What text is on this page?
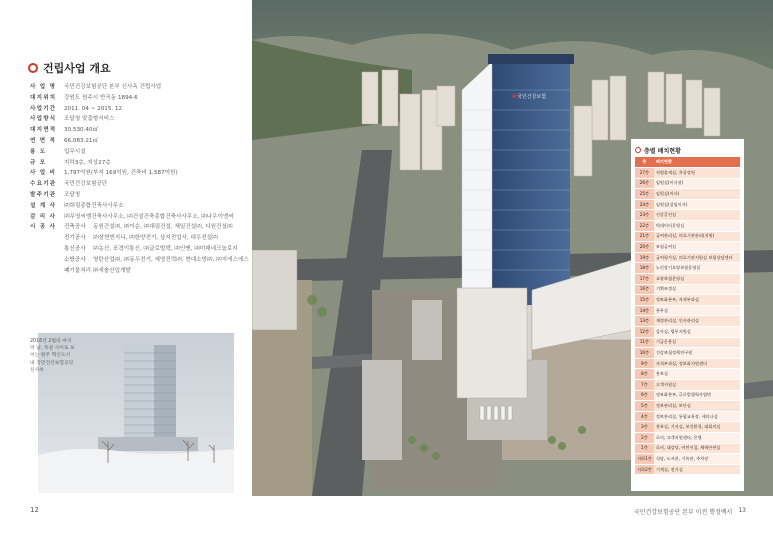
건립사업 개요
사 업 명	국민건강보험공단 본부 신사옥 건립사업
대지위치	강원도 원주시 반곡동 1894-6
사업기간	2011. 04 ~ 2015. 12
사업방식	조달청 맞춤형서비스
대지면적	30,530.40㎡
연 면 적	66,083.21㎡
용 도	업무시설
규 모	지하3층, 지상27층
사 업 비	1,797억원(부지 169억원, 건축비 1,587억원)
수요기관	국민건강보험공단
발주기관	조달청
설 계 사	㈜희림종합건축사사무소
감 리 사	㈜무영씨엠건축사사무소, ㈜건설건축종합건축사사무소, ㈜나우이엔씨
시 공 사	건축공사	동원건설㈜, ㈜이순, ㈜대림건설, 체일건설㈜, 디원건설㈜
전기공사	㈜삼현엔지니, ㈜한양전기, 상지전업사, 대우전설㈜
통신공사	㈜농산, 포경이통신, ㈜글로벌텍, ㈜인맨, ㈜미래네크놀로지
소방공사	영탄산업㈜, ㈜동우전기, 세영전력㈜, 현대소방㈜, ㈜지에스에스
폐기물처리 ㈜새솔산업개발
2016년 2월의 마지막 날, 폭설 사이로 보이는 원주 혁신도시 내 국민건강보험공단 신사옥
12
국민건강보험
층별 배치현황
층	배치현황
27층	직원휴게실, 옥상정원
26층	임원실(이사장)
25층	임원실(이사)
24층	임원실(상임이사)
23층	건강증진실
22층	빅데이터운영실
21층	급여관리실, 의료기관관리(지원)
20층	보험급여실
19층	급여평가실, 의료기관지원실 보험상담센터
18층	노인장기요양보험운영실
17층	요양보험운영실
16층	기획조정실
15층	정보화본부, 자격부과실
14층	총무실
13층	재정관리실, 인사관리실
12층	감사실, 법무지원실
11층	기금운용실
10층	건강보험정책연구원
9층	자격부과실, 정보화지원센터
8층	홍보실
7층	고객지원실
6층	정보화본부, 글로벌협력사업단
5층	정보관리실, 보안실
4층	정보관리실, 통합교육장, 세미나실
3층	홍보실, 기자실, 보건환경, 대회의실
2층	로비, 고객지원센터, 은행
1층	로비, 대강당, 어린이집, 체력단련실
지하1층	식당, 도서관, 기록관, 주차장
지하2층	기계실, 전기실
국민건강보험공단 본부 이전 행정백서 13
